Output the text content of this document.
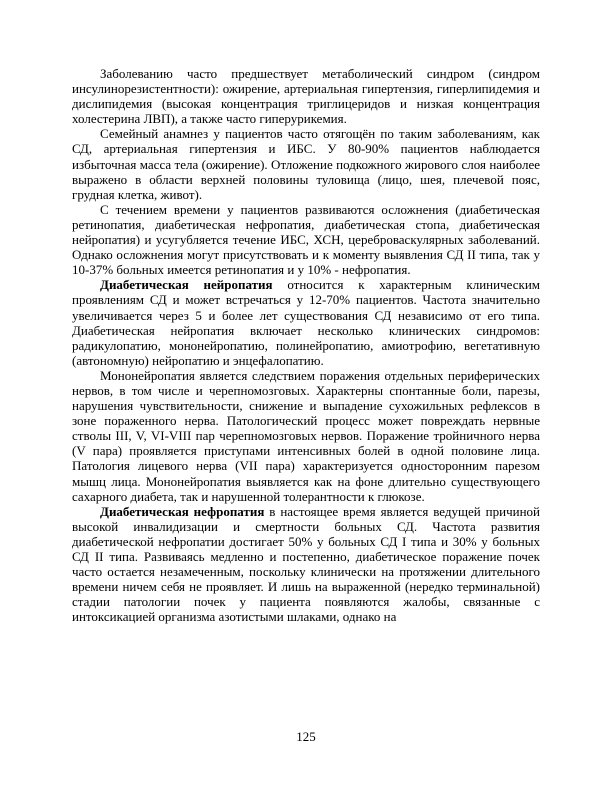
Заболеванию часто предшествует метаболический синдром (синдром инсулинорезистентности): ожирение, артериальная гипертензия, гиперлипидемия и дислипидемия (высокая концентрация триглицеридов и низкая концентрация холестерина ЛВП), а также часто гиперурикемия.

Семейный анамнез у пациентов часто отягощён по таким заболеваниям, как СД, артериальная гипертензия и ИБС. У 80-90% пациентов наблюдается избыточная масса тела (ожирение). Отложение подкожного жирового слоя наиболее выражено в области верхней половины туловища (лицо, шея, плечевой пояс, грудная клетка, живот).

С течением времени у пациентов развиваются осложнения (диабетическая ретинопатия, диабетическая нефропатия, диабетическая стопа, диабетическая нейропатия) и усугубляется течение ИБС, ХСН, цереброваскулярных заболеваний. Однако осложнения могут присутствовать и к моменту выявления СД II типа, так у 10-37% больных имеется ретинопатия и у 10% - нефропатия.

Диабетическая нейропатия относится к характерным клиническим проявлениям СД и может встречаться у 12-70% пациентов. Частота значительно увеличивается через 5 и более лет существования СД независимо от его типа. Диабетическая нейропатия включает несколько клинических синдромов: радикулопатию, мононейропатию, полинейропатию, амиотрофию, вегетативную (автономную) нейропатию и энцефалопатию.

Мононейропатия является следствием поражения отдельных периферических нервов, в том числе и черепномозговых. Характерны спонтанные боли, парезы, нарушения чувствительности, снижение и выпадение сухожильных рефлексов в зоне пораженного нерва. Патологический процесс может повреждать нервные стволы III, V, VI-VIII пар черепномозговых нервов. Поражение тройничного нерва (V пара) проявляется приступами интенсивных болей в одной половине лица. Патология лицевого нерва (VII пара) характеризуется односторонним парезом мышц лица. Мононейропатия выявляется как на фоне длительно существующего сахарного диабета, так и нарушенной толерантности к глюкозе.

Диабетическая нефропатия в настоящее время является ведущей причиной высокой инвалидизации и смертности больных СД. Частота развития диабетической нефропатии достигает 50% у больных СД I типа и 30% у больных СД II типа. Развиваясь медленно и постепенно, диабетическое поражение почек часто остается незамеченным, поскольку клинически на протяжении длительного времени ничем себя не проявляет. И лишь на выраженной (нередко терминальной) стадии патологии почек у пациента появляются жалобы, связанные с интоксикацией организма азотистыми шлаками, однако на

125
